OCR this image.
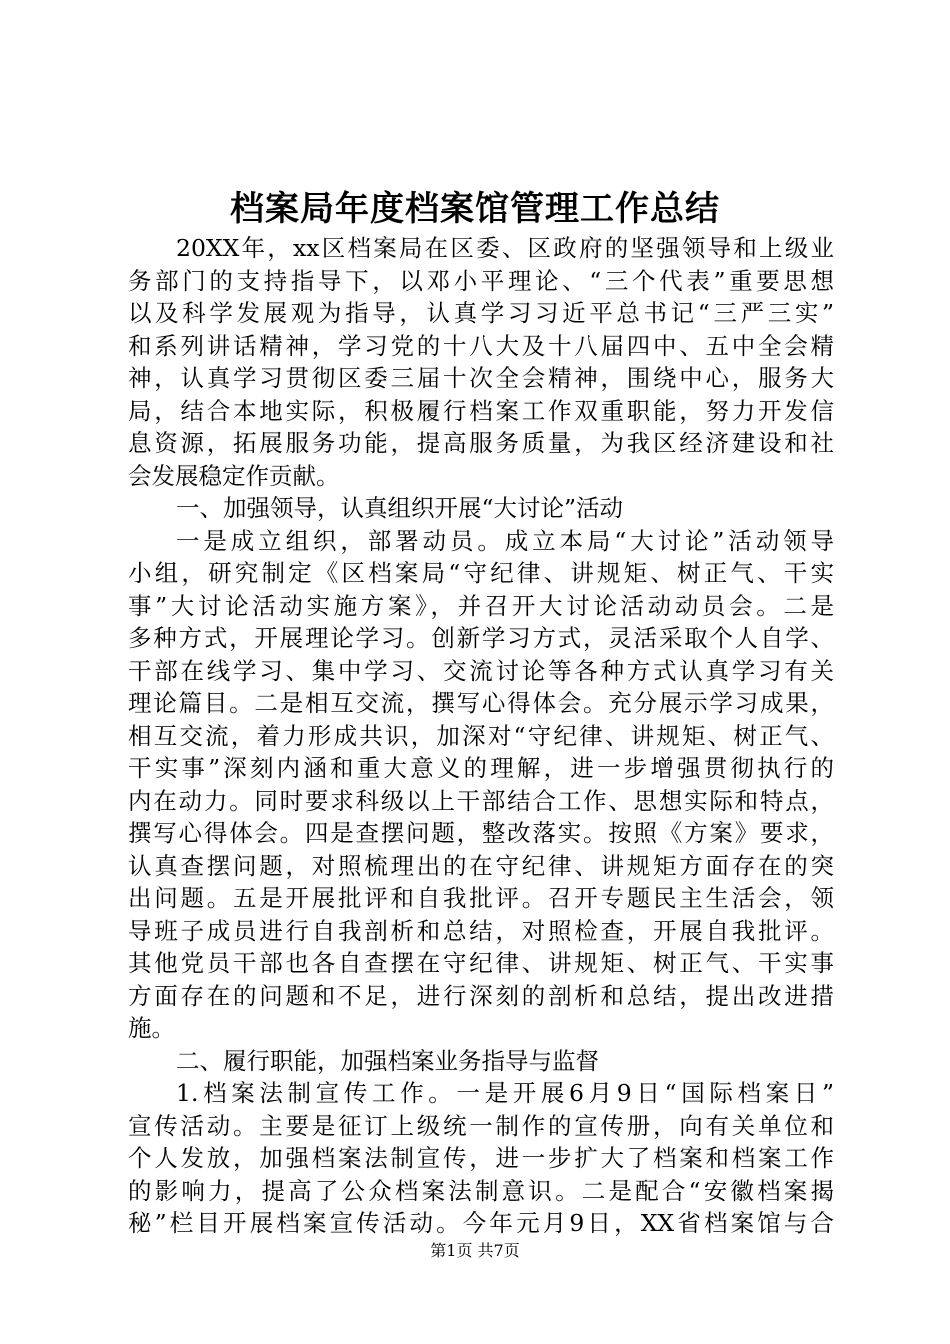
档案局年度档案馆管理工作总结
20XX年，xx区档案局在区委、区政府的坚强领导和上级业
务部门的支持指导下，以邓小平理论、“三个代表”重要思想
以及科学发展观为指导，认真学习习近平总书记“三严三实”
和系列讲话精神，学习党的十八大及十八届四中、五中全会精
神，认真学习贯彻区委三届十次全会精神，围绕中心，服务大
局，结合本地实际，积极履行档案工作双重职能，努力开发信
息资源，拓展服务功能，提高服务质量，为我区经济建设和社
会发展稳定作贡献。
一、加强领导，认真组织开展“大讨论”活动
一是成立组织，部署动员。成立本局“大讨论”活动领导
小组，研究制定《区档案局“守纪律、讲规矩、树正气、干实
事”大讨论活动实施方案》，并召开大讨论活动动员会。二是
多种方式，开展理论学习。创新学习方式，灵活采取个人自学、
干部在线学习、集中学习、交流讨论等各种方式认真学习有关
理论篇目。二是相互交流，撰写心得体会。充分展示学习成果，
相互交流，着力形成共识，加深对“守纪律、讲规矩、树正气、
干实事”深刻内涵和重大意义的理解，进一步增强贯彻执行的
内在动力。同时要求科级以上干部结合工作、思想实际和特点，
撰写心得体会。四是查摆问题，整改落实。按照《方案》要求，
认真查摆问题，对照梳理出的在守纪律、讲规矩方面存在的突
出问题。五是开展批评和自我批评。召开专题民主生活会，领
导班子成员进行自我剖析和总结，对照检查，开展自我批评。
其他党员干部也各自查摆在守纪律、讲规矩、树正气、干实事
方面存在的问题和不足，进行深刻的剖析和总结，提出改进措
施。
二、履行职能，加强档案业务指导与监督
1.档案法制宣传工作。一是开展6月9日“国际档案日”
宣传活动。主要是征订上级统一制作的宣传册，向有关单位和
个人发放，加强档案法制宣传，进一步扩大了档案和档案工作
的影响力，提高了公众档案法制意识。二是配合“安徽档案揭
秘”栏目开展档案宣传活动。今年元月9日，XX省档案馆与合
第1页 共7页
